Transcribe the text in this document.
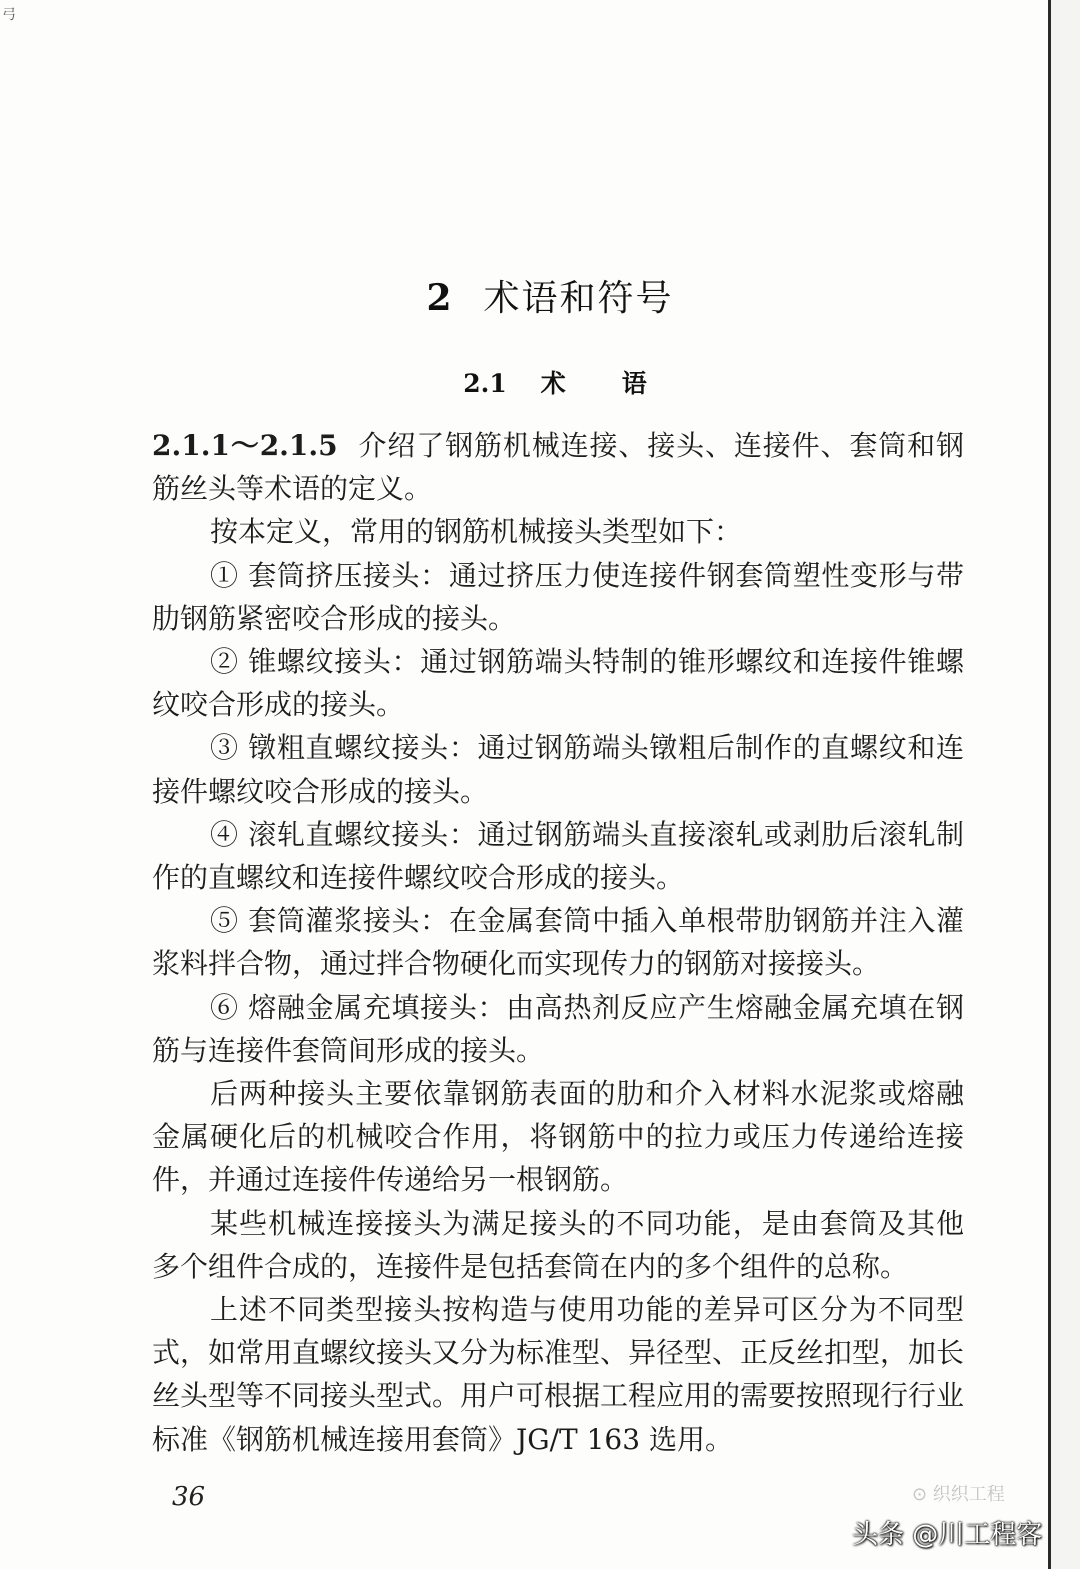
弓
2 术语和符号
2.1 术 语

2.1.1～2.1.5 介绍了钢筋机械连接、接头、连接件、套筒和钢筋丝头等术语的定义。

按本定义，常用的钢筋机械接头类型如下：

① 套筒挤压接头：通过挤压力使连接件钢套筒塑性变形与带肋钢筋紧密咬合形成的接头。

② 锥螺纹接头：通过钢筋端头特制的锥形螺纹和连接件锥螺纹咬合形成的接头。

③ 镦粗直螺纹接头：通过钢筋端头镦粗后制作的直螺纹和连接件螺纹咬合形成的接头。

④ 滚轧直螺纹接头：通过钢筋端头直接滚轧或剥肋后滚轧制作的直螺纹和连接件螺纹咬合形成的接头。

⑤ 套筒灌浆接头：在金属套筒中插入单根带肋钢筋并注入灌浆料拌合物，通过拌合物硬化而实现传力的钢筋对接接头。

⑥ 熔融金属充填接头：由高热剂反应产生熔融金属充填在钢筋与连接件套筒间形成的接头。

后两种接头主要依靠钢筋表面的肋和介入材料水泥浆或熔融金属硬化后的机械咬合作用，将钢筋中的拉力或压力传递给连接件，并通过连接件传递给另一根钢筋。

某些机械连接接头为满足接头的不同功能，是由套筒及其他多个组件合成的，连接件是包括套筒在内的多个组件的总称。

上述不同类型接头按构造与使用功能的差异可区分为不同型式，如常用直螺纹接头又分为标准型、异径型、正反丝扣型，加长丝头型等不同接头型式。用户可根据工程应用的需要按照现行行业标准《钢筋机械连接用套筒》JG/T 163 选用。

36	⊙ 织织工程
头条 @川工程客
